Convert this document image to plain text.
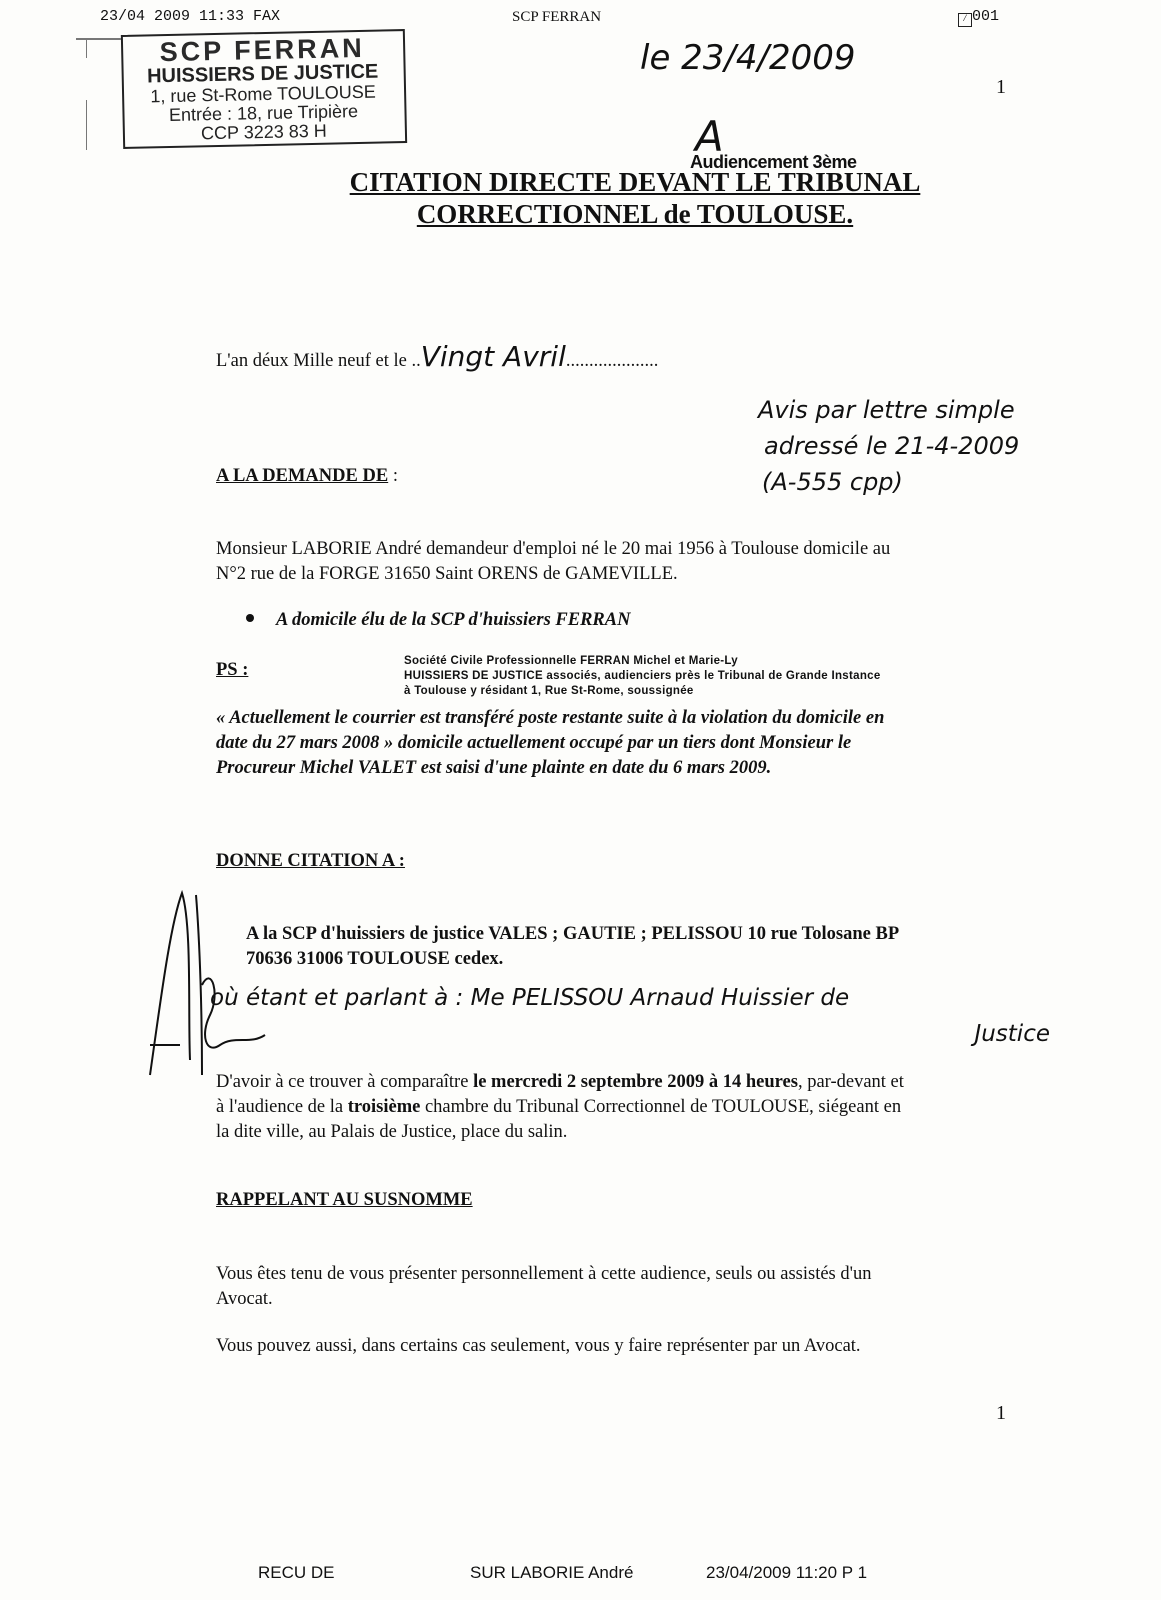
23/04 2009 11:33 FAX	SCP FERRAN	⁄ 001
SCP FERRAN
HUISSIERS DE JUSTICE
1, rue St-Rome TOULOUSE
Entrée : 18, rue Tripière
CCP 3223 83 H
le 23/4/2009
1
A
Audiencement 3ème
CITATION DIRECTE DEVANT LE TRIBUNAL
CORRECTIONNEL de TOULOUSE.
L'an déux Mille neuf et le ..Vingt Avril....................
Avis par lettre simple
adressé le 21-4-2009
(A-555 cpp)
A LA DEMANDE DE :
Monsieur LABORIE André demandeur d'emploi né le 20 mai 1956 à Toulouse domicile au
N°2 rue de la FORGE 31650 Saint ORENS de GAMEVILLE.
A domicile élu de la SCP d'huissiers FERRAN
PS :	Société Civile Professionnelle FERRAN Michel et Marie-Ly
HUISSIERS DE JUSTICE associés, audienciers près le Tribunal de Grande Instance
à Toulouse y résidant 1, Rue St-Rome, soussignée
« Actuellement le courrier est transféré poste restante suite à la violation du domicile en
date du 27 mars 2008 » domicile actuellement occupé par un tiers dont Monsieur le
Procureur Michel VALET est saisi d'une plainte en date du 6 mars 2009.
DONNE CITATION A :
A la SCP d'huissiers de justice VALES ; GAUTIE ; PELISSOU 10 rue Tolosane BP
70636 31006 TOULOUSE cedex.
où étant et parlant à : Me PELISSOU Arnaud Huissier de
Justice
D'avoir à ce trouver à comparaître le mercredi 2 septembre 2009 à 14 heures, par-devant et
à l'audience de la troisième chambre du Tribunal Correctionnel de TOULOUSE, siégeant en
la dite ville, au Palais de Justice, place du salin.
RAPPELANT AU SUSNOMME
Vous êtes tenu de vous présenter personnellement à cette audience, seuls ou assistés d'un
Avocat.
Vous pouvez aussi, dans certains cas seulement, vous y faire représenter par un Avocat.
1
RECU DE	SUR LABORIE André	23/04/2009 11:20 P 1
